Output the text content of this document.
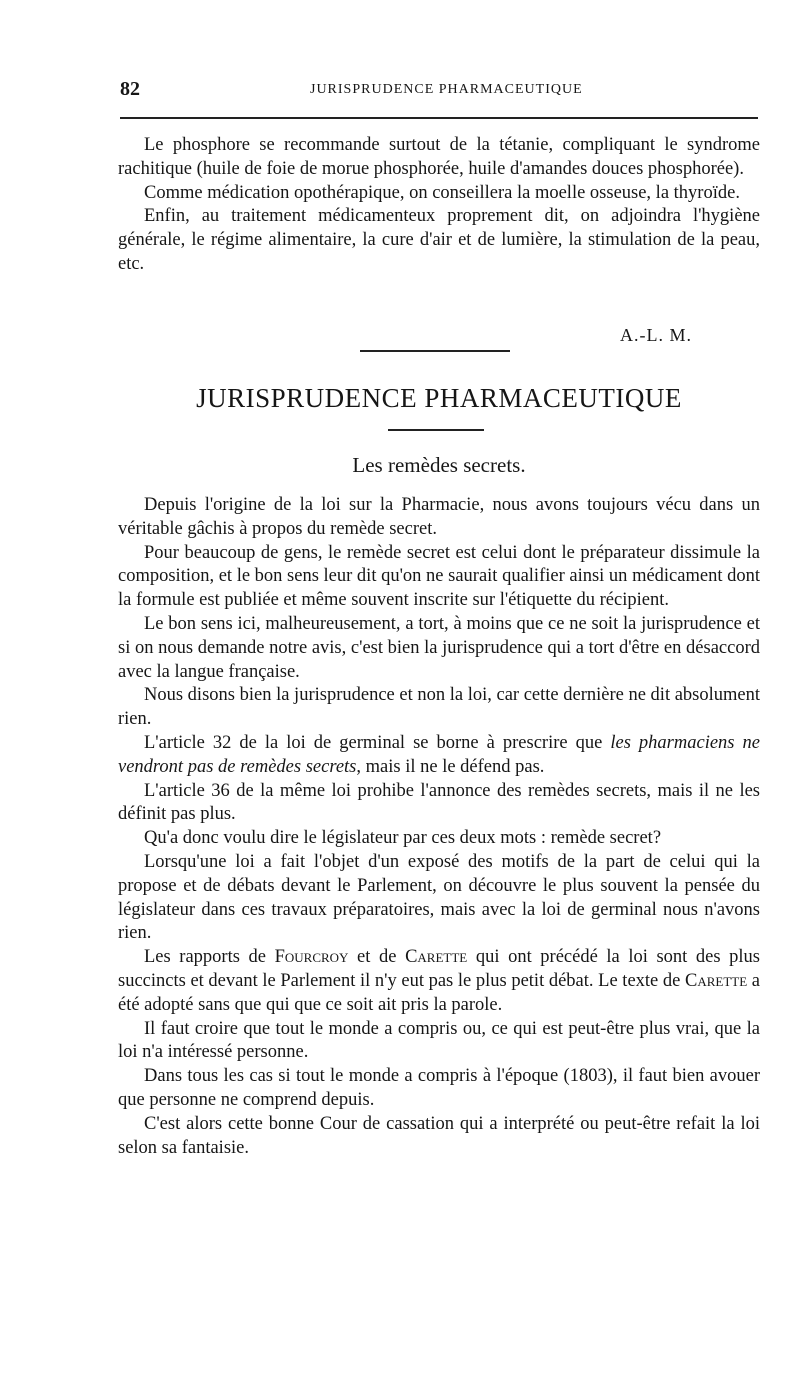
82	JURISPRUDENCE PHARMACEUTIQUE

Le phosphore se recommande surtout de la tétanie, compliquant le syndrome rachitique (huile de foie de morue phosphorée, huile d'amandes douces phosphorée).

Comme médication opothérapique, on conseillera la moelle osseuse, la thyroïde.

Enfin, au traitement médicamenteux proprement dit, on adjoindra l'hygiène générale, le régime alimentaire, la cure d'air et de lumière, la stimulation de la peau, etc.

A.-L. M.
JURISPRUDENCE PHARMACEUTIQUE
Les remèdes secrets.

Depuis l'origine de la loi sur la Pharmacie, nous avons toujours vécu dans un véritable gâchis à propos du remède secret.

Pour beaucoup de gens, le remède secret est celui dont le préparateur dissimule la composition, et le bon sens leur dit qu'on ne saurait qualifier ainsi un médicament dont la formule est publiée et même souvent inscrite sur l'étiquette du récipient.

Le bon sens ici, malheureusement, a tort, à moins que ce ne soit la jurisprudence et si on nous demande notre avis, c'est bien la jurisprudence qui a tort d'être en désaccord avec la langue française.

Nous disons bien la jurisprudence et non la loi, car cette dernière ne dit absolument rien.

L'article 32 de la loi de germinal se borne à prescrire que les pharmaciens ne vendront pas de remèdes secrets, mais il ne le défend pas.

L'article 36 de la même loi prohibe l'annonce des remèdes secrets, mais il ne les définit pas plus.

Qu'a donc voulu dire le législateur par ces deux mots : remède secret?

Lorsqu'une loi a fait l'objet d'un exposé des motifs de la part de celui qui la propose et de débats devant le Parlement, on découvre le plus souvent la pensée du législateur dans ces travaux préparatoires, mais avec la loi de germinal nous n'avons rien.

Les rapports de Fourcroy et de Carette qui ont précédé la loi sont des plus succincts et devant le Parlement il n'y eut pas le plus petit débat. Le texte de Carette a été adopté sans que qui que ce soit ait pris la parole.

Il faut croire que tout le monde a compris ou, ce qui est peut-être plus vrai, que la loi n'a intéressé personne.

Dans tous les cas si tout le monde a compris à l'époque (1803), il faut bien avouer que personne ne comprend depuis.

C'est alors cette bonne Cour de cassation qui a interprété ou peut-être refait la loi selon sa fantaisie.
